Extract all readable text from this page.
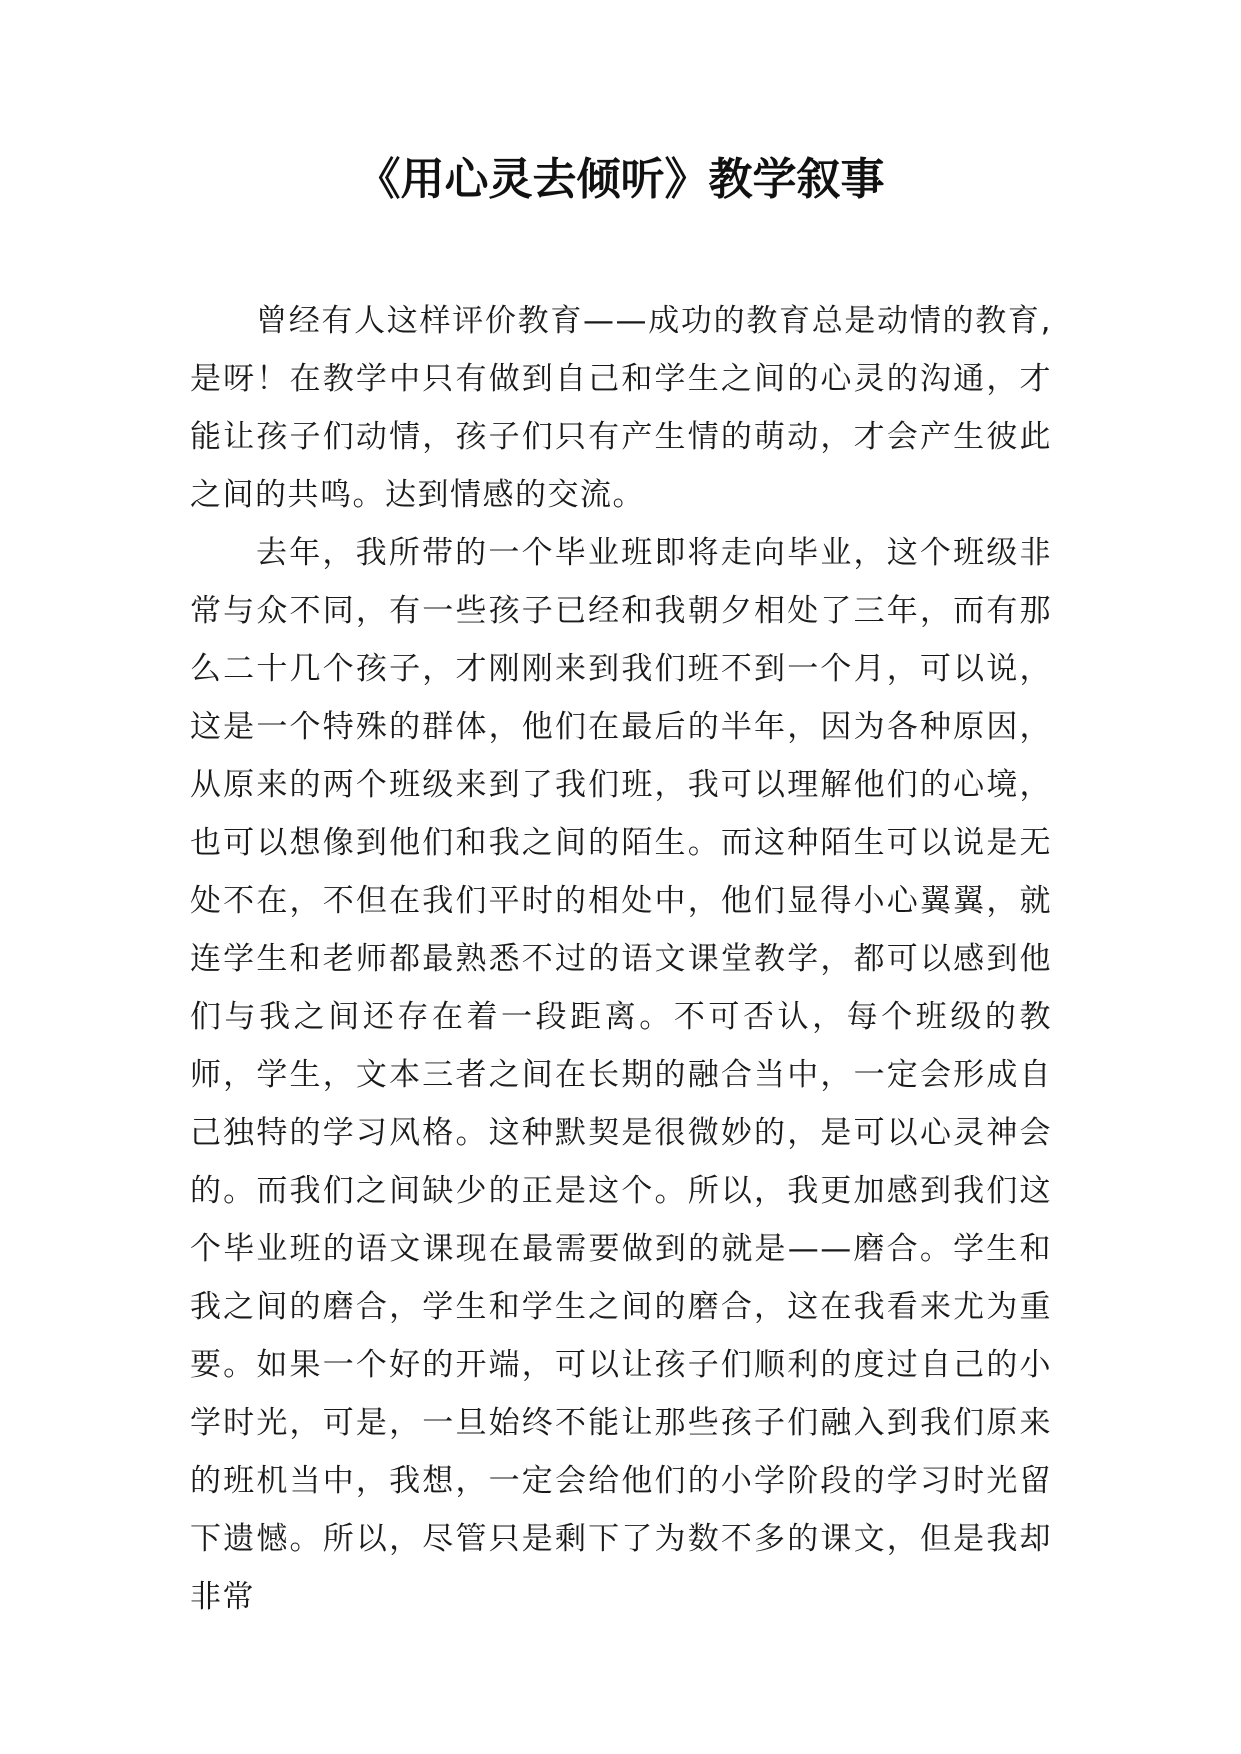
《用心灵去倾听》教学叙事

曾经有人这样评价教育——成功的教育总是动情的教育,是呀！在教学中只有做到自己和学生之间的心灵的沟通，才能让孩子们动情，孩子们只有产生情的萌动，才会产生彼此之间的共鸣。达到情感的交流。

去年，我所带的一个毕业班即将走向毕业，这个班级非常与众不同，有一些孩子已经和我朝夕相处了三年，而有那么二十几个孩子，才刚刚来到我们班不到一个月，可以说，这是一个特殊的群体，他们在最后的半年，因为各种原因，从原来的两个班级来到了我们班，我可以理解他们的心境，也可以想像到他们和我之间的陌生。而这种陌生可以说是无处不在，不但在我们平时的相处中，他们显得小心翼翼，就连学生和老师都最熟悉不过的语文课堂教学，都可以感到他们与我之间还存在着一段距离。不可否认，每个班级的教师，学生，文本三者之间在长期的融合当中，一定会形成自己独特的学习风格。这种默契是很微妙的，是可以心灵神会的。而我们之间缺少的正是这个。所以，我更加感到我们这个毕业班的语文课现在最需要做到的就是——磨合。学生和我之间的磨合，学生和学生之间的磨合，这在我看来尤为重要。如果一个好的开端，可以让孩子们顺利的度过自己的小学时光，可是，一旦始终不能让那些孩子们融入到我们原来的班机当中，我想，一定会给他们的小学阶段的学习时光留下遗憾。所以，尽管只是剩下了为数不多的课文，但是我却非常
